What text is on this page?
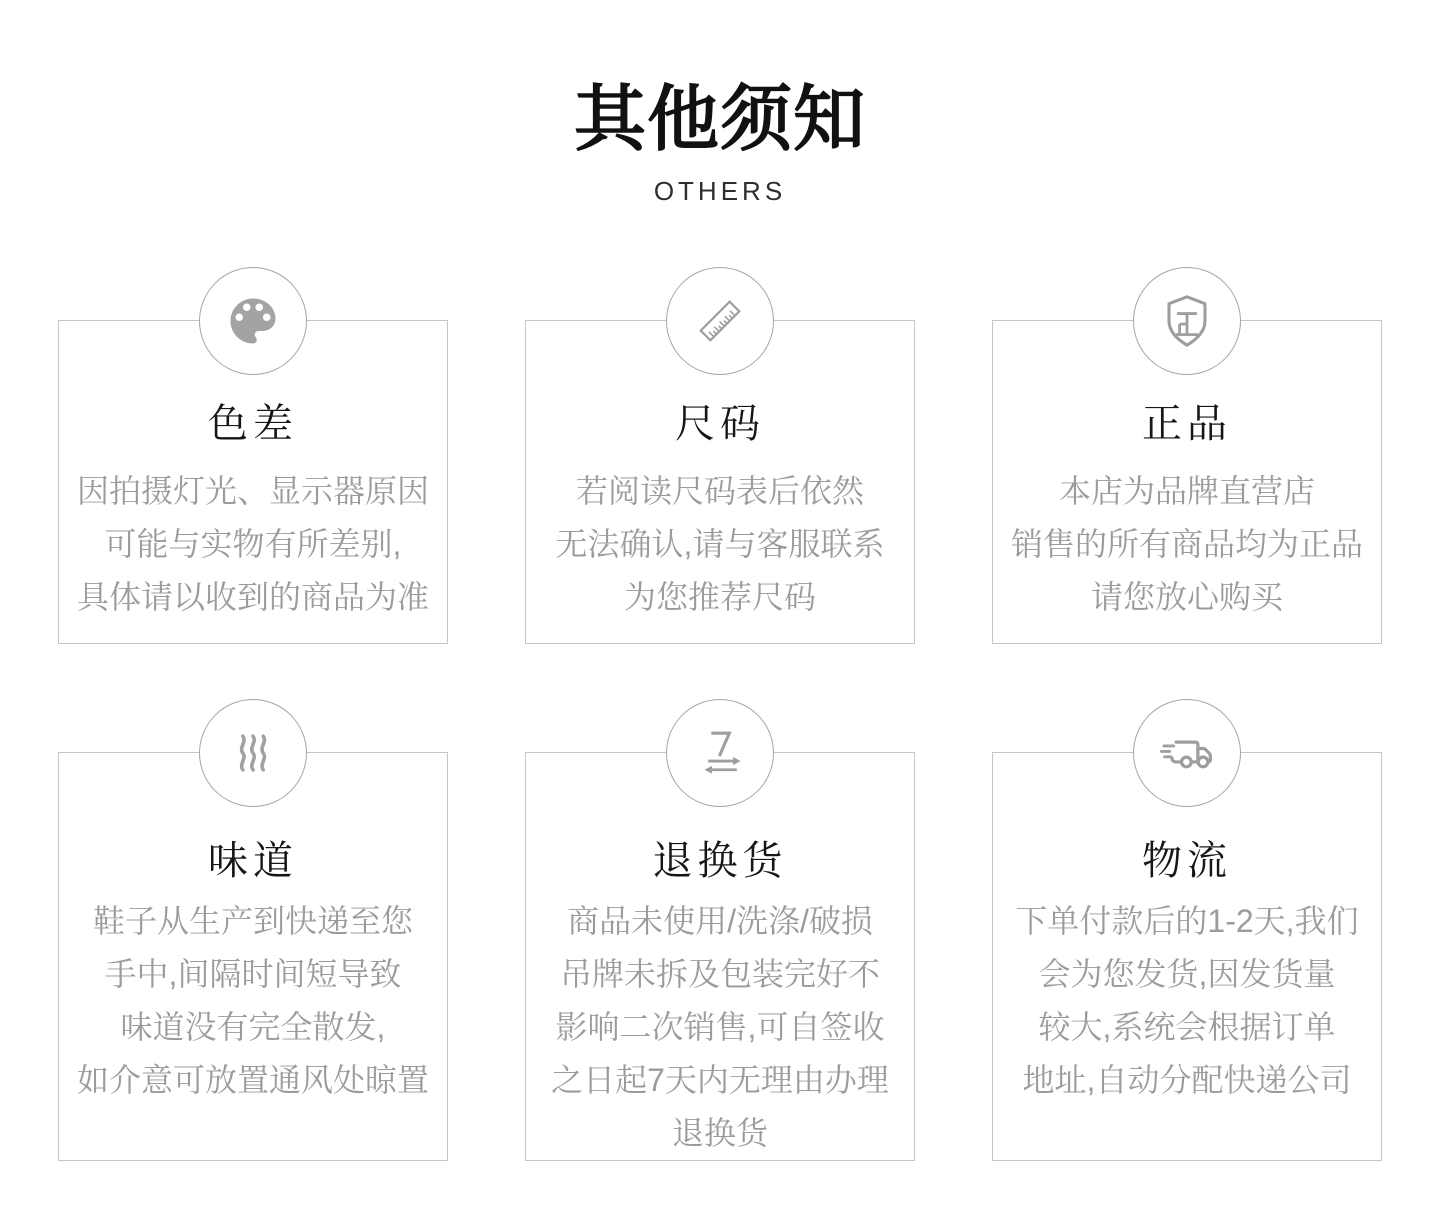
其他须知
OTHERS
色差

因拍摄灯光、显示器原因

可能与实物有所差别,

具体请以收到的商品为准

尺码

若阅读尺码表后依然

无法确认,请与客服联系

为您推荐尺码

正品

本店为品牌直营店

销售的所有商品均为正品

请您放心购买

味道

鞋子从生产到快递至您

手中,间隔时间短导致

味道没有完全散发,

如介意可放置通风处晾置

退换货

商品未使用/洗涤/破损

吊牌未拆及包装完好不

影响二次销售,可自签收

之日起7天内无理由办理

退换货

物流

下单付款后的1-2天,我们

会为您发货,因发货量

较大,系统会根据订单

地址,自动分配快递公司
